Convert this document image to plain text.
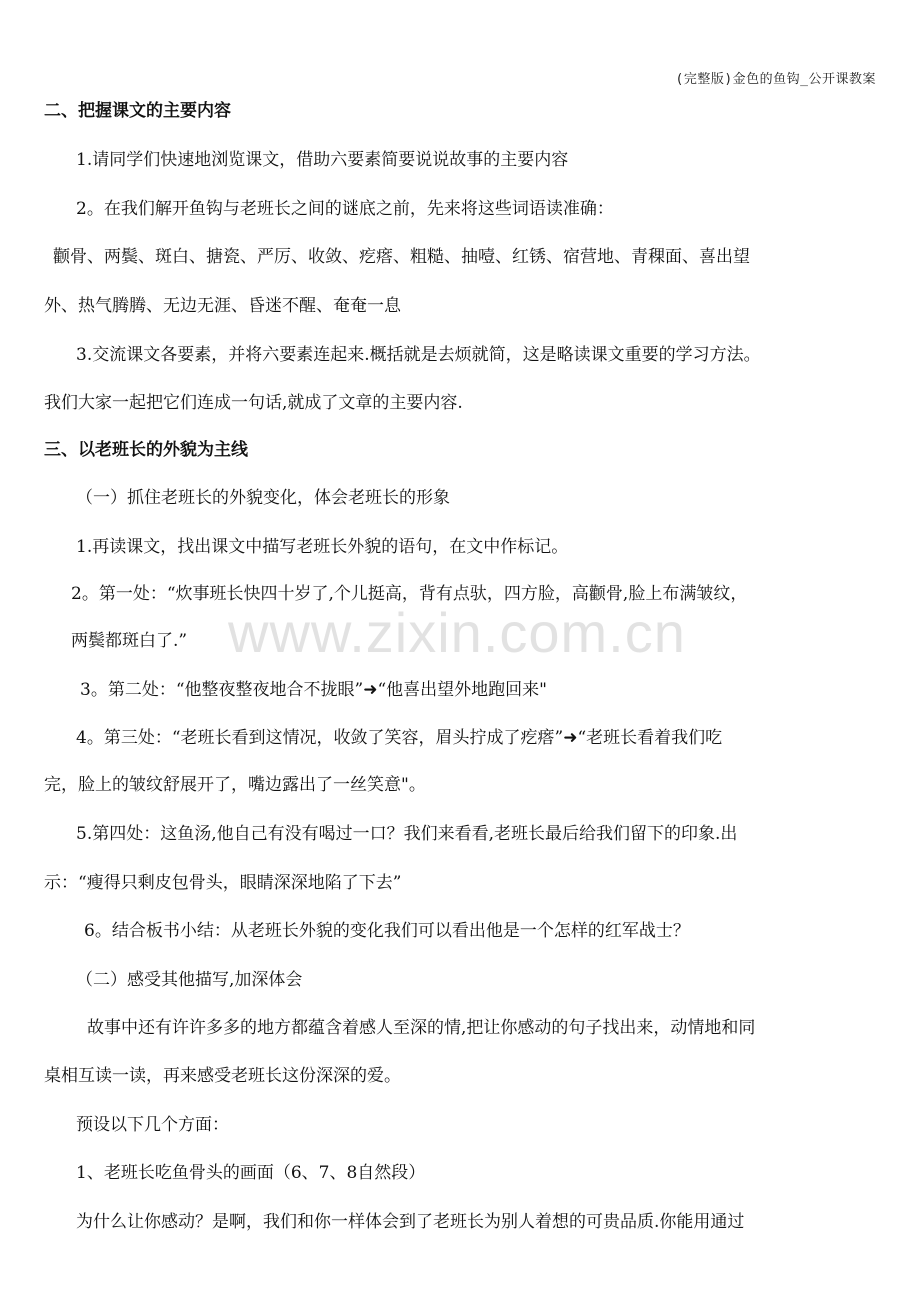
(完整版)金色的鱼钩_公开课教案
二、把握课文的主要内容
1.请同学们快速地浏览课文，借助六要素简要说说故事的主要内容
2。在我们解开鱼钩与老班长之间的谜底之前，先来将这些词语读准确：
颧骨、两鬓、斑白、搪瓷、严厉、收敛、疙瘩、粗糙、抽噎、红锈、宿营地、青稞面、喜出望
外、热气腾腾、无边无涯、昏迷不醒、奄奄一息
3.交流课文各要素，并将六要素连起来.概括就是去烦就简，这是略读课文重要的学习方法。
我们大家一起把它们连成一句话,就成了文章的主要内容.
三、以老班长的外貌为主线
（一）抓住老班长的外貌变化，体会老班长的形象
1.再读课文，找出课文中描写老班长外貌的语句，在文中作标记。
2。第一处：“炊事班长快四十岁了,个儿挺高，背有点驮，四方脸，高颧骨,脸上布满皱纹，
两鬓都斑白了.”
3。第二处：“他整夜整夜地合不拢眼”➜“他喜出望外地跑回来"
4。第三处：“老班长看到这情况，收敛了笑容，眉头拧成了疙瘩”➜“老班长看着我们吃
完，脸上的皱纹舒展开了，嘴边露出了一丝笑意"。
5.第四处：这鱼汤,他自己有没有喝过一口？我们来看看,老班长最后给我们留下的印象.出
示：“瘦得只剩皮包骨头，眼睛深深地陷了下去”
6。结合板书小结：从老班长外貌的变化我们可以看出他是一个怎样的红军战士？
（二）感受其他描写,加深体会
故事中还有许许多多的地方都蕴含着感人至深的情,把让你感动的句子找出来，动情地和同
桌相互读一读，再来感受老班长这份深深的爱。
预设以下几个方面：
1、老班长吃鱼骨头的画面（6、7、8自然段）
为什么让你感动？是啊，我们和你一样体会到了老班长为别人着想的可贵品质.你能用通过
www.zixin.com.cn
